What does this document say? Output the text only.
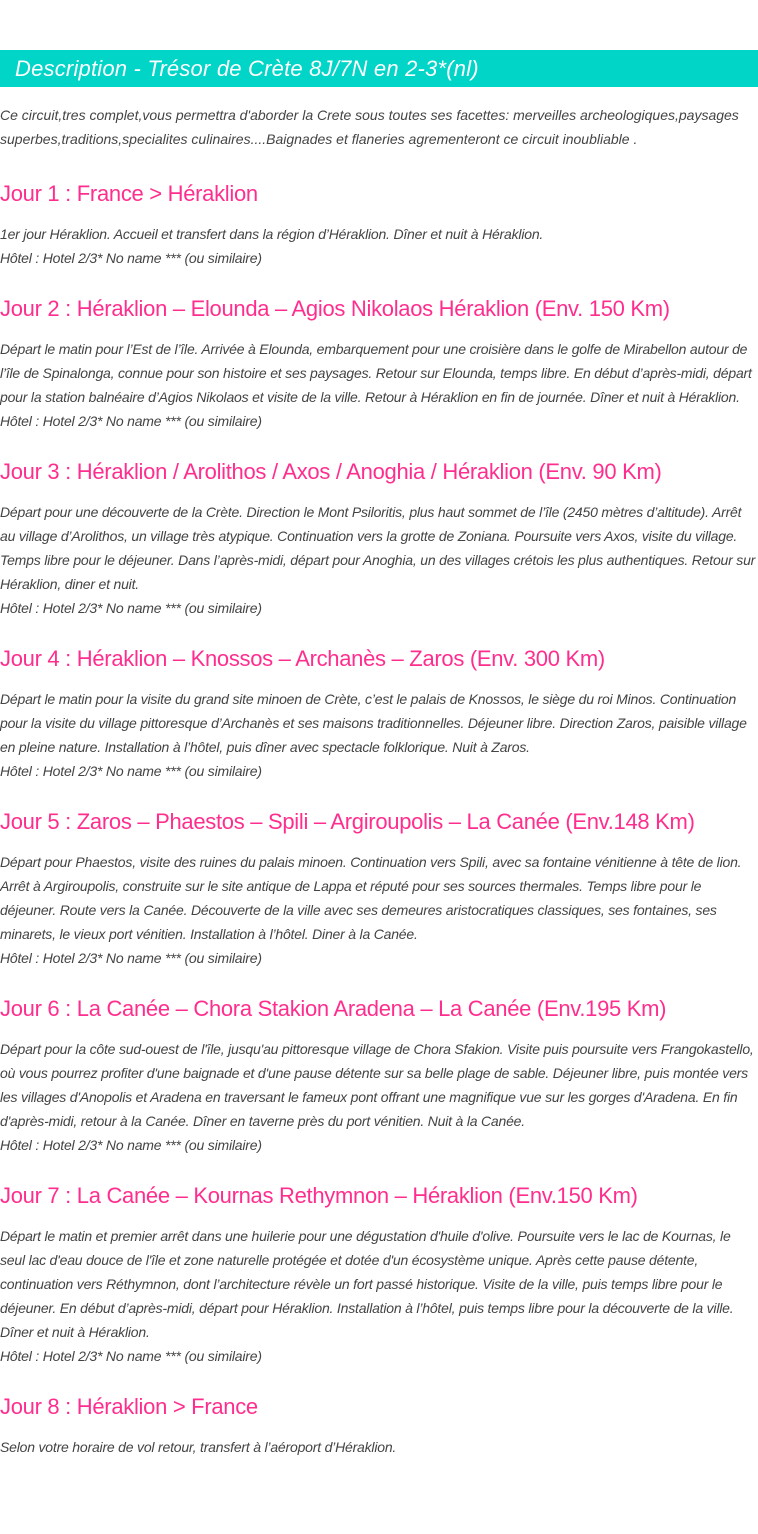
Description - Trésor de Crète 8J/7N en 2-3*(nl)

Ce circuit,tres complet,vous permettra d'aborder la Crete sous toutes ses facettes: merveilles archeologiques,paysages superbes,traditions,specialites culinaires....Baignades et flaneries agrementeront ce circuit inoubliable .

Jour 1 : France > Héraklion

1er jour Héraklion. Accueil et transfert dans la région d’Héraklion. Dîner et nuit à Héraklion.

Hôtel : Hotel 2/3* No name *** (ou similaire)

Jour 2 : Héraklion – Elounda – Agios Nikolaos Héraklion (Env. 150 Km)

Départ le matin pour l’Est de l’île. Arrivée à Elounda, embarquement pour une croisière dans le golfe de Mirabellon autour de l’île de Spinalonga, connue pour son histoire et ses paysages. Retour sur Elounda, temps libre. En début d’après-midi, départ pour la station balnéaire d’Agios Nikolaos et visite de la ville. Retour à Héraklion en fin de journée. Dîner et nuit à Héraklion.

Hôtel : Hotel 2/3* No name *** (ou similaire)

Jour 3 : Héraklion / Arolithos / Axos / Anoghia / Héraklion (Env. 90 Km)

Départ pour une découverte de la Crète. Direction le Mont Psiloritis, plus haut sommet de l’île (2450 mètres d’altitude). Arrêt au village d’Arolithos, un village très atypique. Continuation vers la grotte de Zoniana. Poursuite vers Axos, visite du village. Temps libre pour le déjeuner. Dans l’après-midi, départ pour Anoghia, un des villages crétois les plus authentiques. Retour sur Héraklion, diner et nuit.

Hôtel : Hotel 2/3* No name *** (ou similaire)

Jour 4 : Héraklion – Knossos – Archanès – Zaros (Env. 300 Km)

Départ le matin pour la visite du grand site minoen de Crète, c’est le palais de Knossos, le siège du roi Minos. Continuation pour la visite du village pittoresque d’Archanès et ses maisons traditionnelles. Déjeuner libre. Direction Zaros, paisible village en pleine nature. Installation à l’hôtel, puis dîner avec spectacle folklorique. Nuit à Zaros.

Hôtel : Hotel 2/3* No name *** (ou similaire)

Jour 5 : Zaros – Phaestos – Spili – Argiroupolis – La Canée (Env.148 Km)

Départ pour Phaestos, visite des ruines du palais minoen. Continuation vers Spili, avec sa fontaine vénitienne à tête de lion. Arrêt à Argiroupolis, construite sur le site antique de Lappa et réputé pour ses sources thermales. Temps libre pour le déjeuner. Route vers la Canée. Découverte de la ville avec ses demeures aristocratiques classiques, ses fontaines, ses minarets, le vieux port vénitien. Installation à l’hôtel. Diner à la Canée.

Hôtel : Hotel 2/3* No name *** (ou similaire)

Jour 6 : La Canée – Chora Stakion Aradena – La Canée (Env.195 Km)

Départ pour la côte sud-ouest de l'île, jusqu'au pittoresque village de Chora Sfakion. Visite puis poursuite vers Frangokastello, où vous pourrez profiter d'une baignade et d'une pause détente sur sa belle plage de sable. Déjeuner libre, puis montée vers les villages d'Anopolis et Aradena en traversant le fameux pont offrant une magnifique vue sur les gorges d'Aradena. En fin d'après-midi, retour à la Canée. Dîner en taverne près du port vénitien. Nuit à la Canée.

Hôtel : Hotel 2/3* No name *** (ou similaire)

Jour 7 : La Canée – Kournas Rethymnon – Héraklion (Env.150 Km)

Départ le matin et premier arrêt dans une huilerie pour une dégustation d'huile d'olive. Poursuite vers le lac de Kournas, le seul lac d'eau douce de l'île et zone naturelle protégée et dotée d'un écosystème unique. Après cette pause détente, continuation vers Réthymnon, dont l’architecture révèle un fort passé historique. Visite de la ville, puis temps libre pour le déjeuner. En début d’après-midi, départ pour Héraklion. Installation à l’hôtel, puis temps libre pour la découverte de la ville. Dîner et nuit à Héraklion.

Hôtel : Hotel 2/3* No name *** (ou similaire)

Jour 8 : Héraklion > France

Selon votre horaire de vol retour, transfert à l’aéroport d’Héraklion.
